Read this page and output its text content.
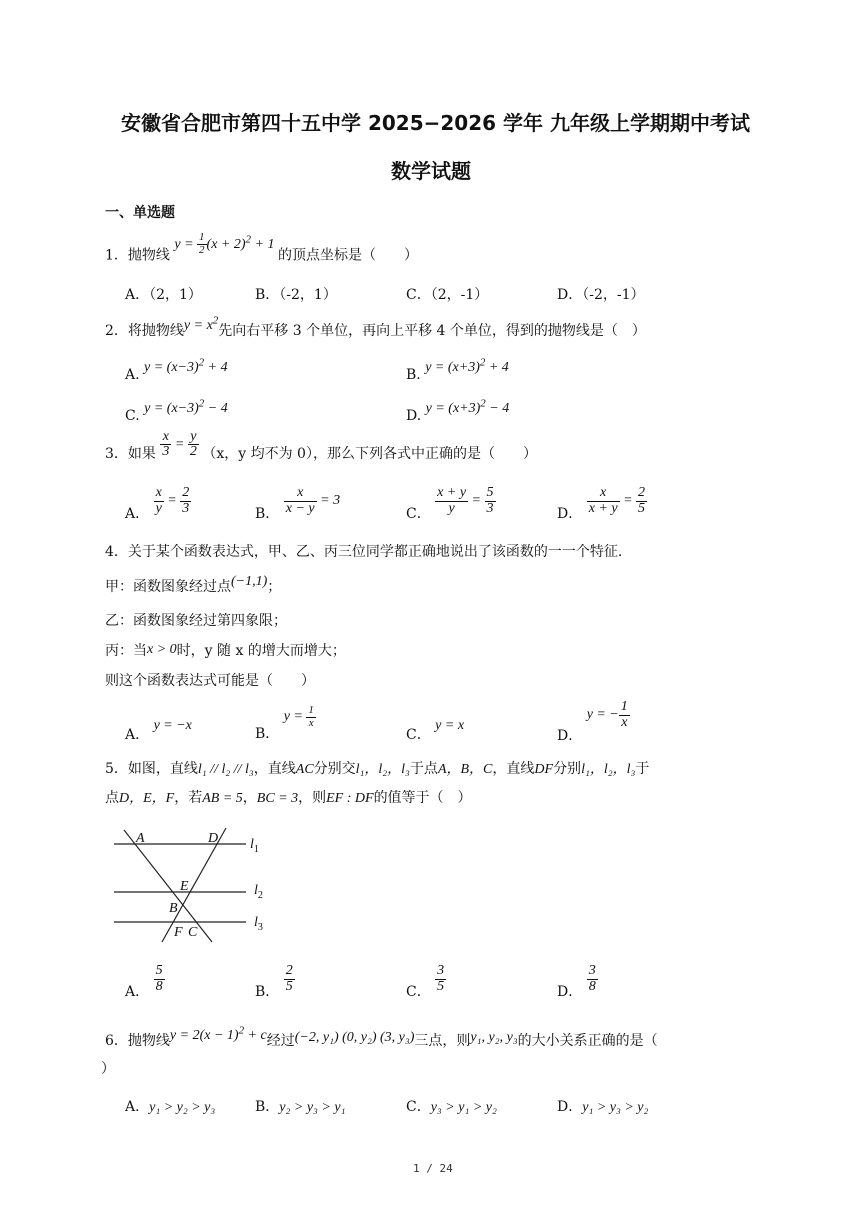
安徽省合肥市第四十五中学 2025−2026 学年 九年级上学期期中考试
数学试题
一、单选题
1．抛物线 $y = \frac{1}{2} (x + 2)^2 + 1$ 的顶点坐标是（　　）
A．（2，1）	B．（-2，1）	C．（2，-1）	D．（-2，-1）
2．将抛物线$y = x^2$先向右平移 3 个单位，再向上平移 4 个单位，得到的抛物线是（　）
A. $y = (x-3)^2 + 4$	B. $y = (x+3)^2 + 4$
C. $y = (x-3)^2 - 4$	D. $y = (x+3)^2 - 4$
3．如果 $\frac{x}{3} = \frac{y}{2} (x$，y 均不为 0），那么下列各式中正确的是（　　）
A． $\frac{x}{y} = \frac{2}{3}$	B． $\frac{x}{x - y} = 3$
C． $\frac{x + y}{y} = \frac{5}{3}$	D． $\frac{x}{x + y} = \frac{2}{5}$
4．关于某个函数表达式，甲、乙、丙三位同学都正确地说出了该函数的一一个特征.
甲：函数图象经过点(−1,1)；
乙：函数图象经过第四象限；
丙：当x > 0时，y 随 x 的增大而增大；
则这个函数表达式可能是（　　）
A． y = −x
B． $y = \frac{1}{x}$
C． y = x
D． y = − $\frac{1}{x}$
5．如图，直线l₁ // l₂ // l₃，直线AC分别交l₁，l₂，l₃于点A，B，C，直线DF分别l₁，l₂，l₃于
点D，E，F，若AB = 5，BC = 3，则EF : DF的值等于（　）
A	D
E
B
F C
$l_1$
$l_2$
$l_3$
A． $\frac{5}{8}$	B． $\frac{2}{5}$	C． $\frac{3}{5}$	D． $\frac{3}{8}$
6．抛物线$y = 2(x - 1)^2 + c$经过(−2, y₁) (0, y₂) (3, y₃)三点，则y₁, y₂, y₃的大小关系正确的是（
）
A．y₁ > y₂ > y₃	B．y₂ > y₃ > y₁	C．y₃ > y₁ > y₂	D．y₁ > y₃ > y₂
1 / 24
